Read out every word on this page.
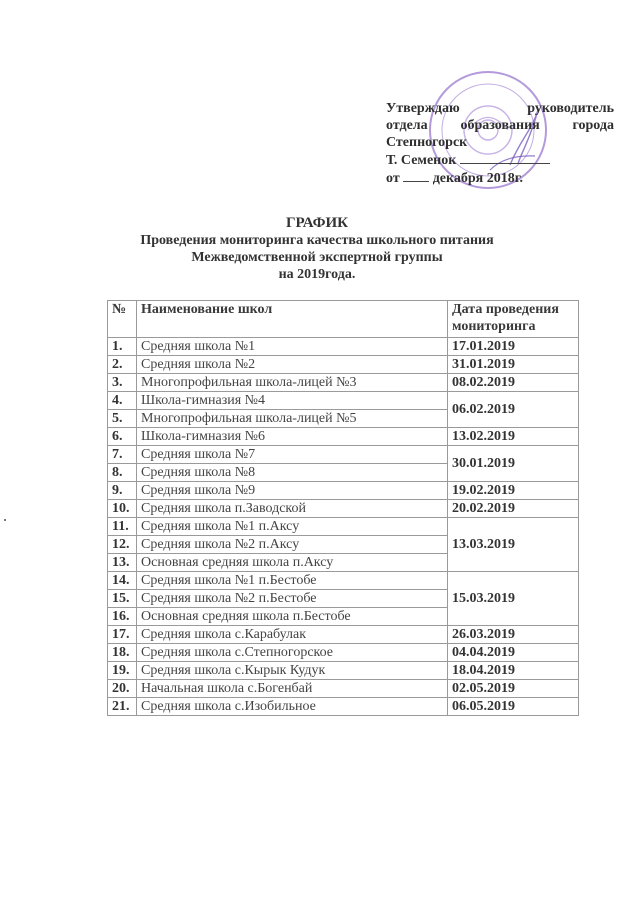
Утверждаю	руководитель
отдела образования города
Степногорск
Т. Семенок
от декабря 2018г.
ГРАФИК
Проведения мониторинга качества школьного питания
Межведомственной экспертной группы
на 2019года.
№	Наименование школ	Дата проведения мониторинга
1.	Средняя школа №1	17.01.2019
2.	Средняя школа №2	31.01.2019
3.	Многопрофильная школа-лицей №3	08.02.2019
4.	Школа-гимназия №4	06.02.2019
5.	Многопрофильная школа-лицей №5	
6.	Школа-гимназия №6	13.02.2019
7.	Средняя школа №7	30.01.2019
8.	Средняя школа №8	
9.	Средняя школа №9	19.02.2019
10.	Средняя школа п.Заводской	20.02.2019
11.	Средняя школа №1 п.Аксу	13.03.2019
12.	Средняя школа №2 п.Аксу	
13.	Основная средняя школа п.Аксу	
14.	Средняя школа №1 п.Бестобе	15.03.2019
15.	Средняя школа №2 п.Бестобе	
16.	Основная средняя школа п.Бестобе	
17.	Средняя школа с.Карабулак	26.03.2019
18.	Средняя школа с.Степногорское	04.04.2019
19.	Средняя школа с.Кырык Кудук	18.04.2019
20.	Начальная школа с.Богенбай	02.05.2019
21.	Средняя школа с.Изобильное	06.05.2019
